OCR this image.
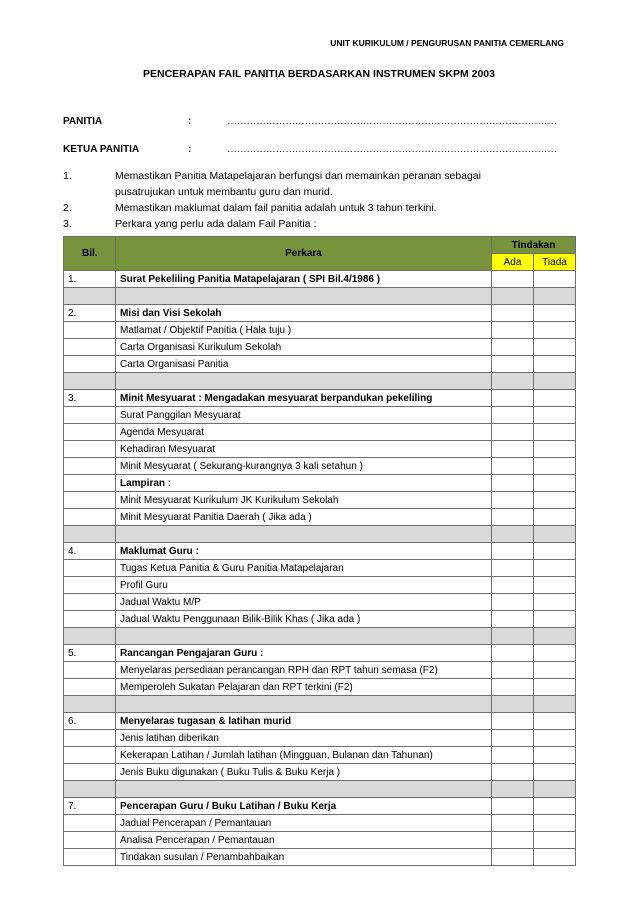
UNIT KURIKULUM / PENGURUSAN PANITIA CEMERLANG
PENCERAPAN FAIL PANITIA BERDASARKAN INSTRUMEN SKPM 2003
PANITIA	:	…………………………………………………………………………………………
KETUA PANITIA	:	…………………………………………………………………………………………
1.	Memastikan Panitia Matapelajaran berfungsi dan memainkan peranan sebagai
pusatrujukan untuk membantu guru dan murid.
2.	Memastikan maklumat dalam fail panitia adalah untuk 3 tahun terkini.
3.	Perkara yang perlu ada dalam Fail Panitia :
Bil.	Perkara	Tindakan	
		Ada	Tiada
1.	Surat Pekeliling Panitia Matapelajaran ( SPI Bil.4/1986 )		

2.	Misi dan Visi Sekolah		
	Matlamat / Objektif Panitia ( Hala tuju )		
	Carta Organisasi Kurikulum Sekolah		
	Carta Organisasi Panitia		

3.	Minit Mesyuarat : Mengadakan mesyuarat berpandukan pekeliling		
	Surat Panggilan Mesyuarat		
	Agenda Mesyuarat		
	Kehadiran Mesyuarat		
	Minit Mesyuarat ( Sekurang-kurangnya 3 kali setahun )		
	Lampiran :		
	Minit Mesyuarat Kurikulum JK Kurikulum Sekolah		
	Minit Mesyuarat Panitia Daerah ( Jika ada )		

4.	Maklumat Guru :		
	Tugas Ketua Panitia & Guru Panitia Matapelajaran		
	Profil Guru		
	Jadual Waktu M/P		
	Jadual Waktu Penggunaan Bilik-Bilik Khas ( Jika ada )		

5.	Rancangan Pengajaran Guru :		
	Menyelaras persediaan perancangan RPH dan RPT tahun semasa (F2)		
	Memperoleh Sukatan Pelajaran dan RPT terkini (F2)		

6.	Menyelaras tugasan & latihan murid		
	Jenis latihan diberikan		
	Kekerapan Latihan / Jumlah latihan (Mingguan, Bulanan dan Tahunan)		
	Jenis Buku digunakan ( Buku Tulis & Buku Kerja )		

7.	Pencerapan Guru / Buku Latihan / Buku Kerja		
	Jadual Pencerapan / Pemantauan		
	Analisa Pencerapan / Pemantauan		
	Tindakan susulan / Penambahbaikan		
